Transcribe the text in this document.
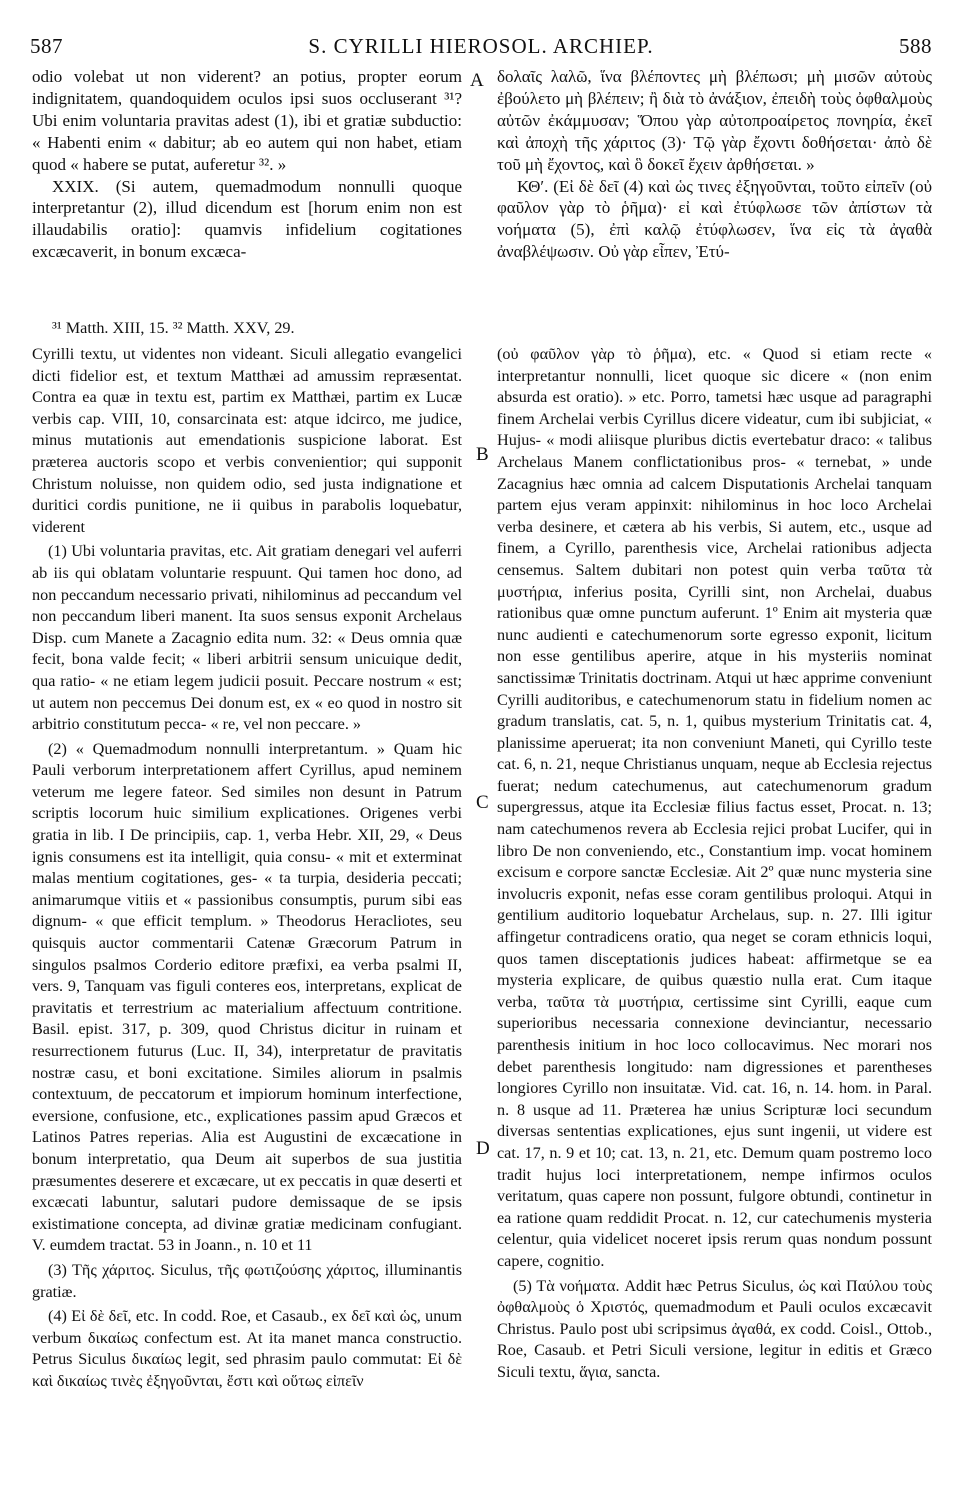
587	S. CYRILLI HIEROSOL. ARCHIEP.	588

odio volebat ut non viderent? an potius, propter eorum indignitatem, quandoquidem oculos ipsi suos occluserant ³¹? Ubi enim voluntaria pravitas adest (1), ibi et gratiæ subductio: « Habenti enim « dabitur; ab eo autem qui non habet, etiam quod « habere se putat, auferetur ³². »

XXIX. (Si autem, quemadmodum nonnulli quoque interpretantur (2), illud dicendum est [horum enim non est illaudabilis oratio]: quamvis infidelium cogitationes excæcaverit, in bonum excæca-

δολαῖς λαλῶ, ἵνα βλέποντες μὴ βλέπωσι; μὴ μισῶν αὐτοὺς ἐβούλετο μὴ βλέπειν; ἢ διὰ τὸ ἀνάξιον, ἐπειδὴ τοὺς ὀφθαλμοὺς αὐτῶν ἐκάμμυσαν; Ὅπου γὰρ αὐτοπροαίρετος πονηρία, ἐκεῖ καὶ ἀποχὴ τῆς χάριτος (3)· Τῷ γὰρ ἔχοντι δοθήσεται· ἀπὸ δὲ τοῦ μὴ ἔχοντος, καὶ ὃ δοκεῖ ἔχειν ἀρθήσεται. »

ΚΘʹ. (Εἰ δὲ δεῖ (4) καὶ ὡς τινες ἐξηγοῦνται, τοῦτο εἰπεῖν (οὐ φαῦλον γὰρ τὸ ῥῆμα)· εἰ καὶ ἐτύφλωσε τῶν ἀπίστων τὰ νοήματα (5), ἐπὶ καλῷ ἐτύφλωσεν, ἵνα εἰς τὰ ἀγαθὰ ἀναβλέψωσιν. Οὐ γὰρ εἶπεν, Ἐτύ-

³¹ Matth. XIII, 15. ³² Matth. XXV, 29.

Cyrilli textu, ut videntes non videant. Siculi allegatio evangelici dicti fidelior est, et textum Matthæi ad amussim repræsentat. Contra ea quæ in textu est, partim ex Matthæi, partim ex Lucæ verbis cap. VIII, 10, consarcinata est: atque idcirco, me judice, minus mutationis aut emendationis suspicione laborat. Est præterea auctoris scopo et verbis convenientior; qui supponit Christum noluisse, non quidem odio, sed justa indignatione et duritici cordis punitione, ne ii quibus in parabolis loquebatur, viderent

(1) Ubi voluntaria pravitas, etc. Ait gratiam denegari vel auferri ab iis qui oblatam voluntarie respuunt. Qui tamen hoc dono, ad non peccandum necessario privati, nihilominus ad peccandum vel non peccandum liberi manent. Ita suos sensus exponit Archelaus Disp. cum Manete a Zacagnio edita num. 32: « Deus omnia quæ fecit, bona valde fecit; « liberi arbitrii sensum unicuique dedit, qua ratio- « ne etiam legem judicii posuit. Peccare nostrum « est; ut autem non peccemus Dei donum est, ex « eo quod in nostro sit arbitrio constitutum pecca- « re, vel non peccare. »

(2) « Quemadmodum nonnulli interpretantum. » Quam hic Pauli verborum interpretationem affert Cyrillus, apud neminem veterum me legere fateor. Sed similes non desunt in Patrum scriptis locorum huic similium explicationes. Origenes verbi gratia in lib. I De principiis, cap. 1, verba Hebr. XII, 29, « Deus ignis consumens est ita intelligit, quia consu- « mit et exterminat malas mentium cogitationes, ges- « ta turpia, desideria peccati; animarumque vitiis et « passionibus consumptis, purum sibi eas dignum- « que efficit templum. » Theodorus Heracliotes, seu quisquis auctor commentarii Catenæ Græcorum Patrum in singulos psalmos Corderio editore præfixi, ea verba psalmi II, vers. 9, Tanquam vas figuli conteres eos, interpretans, explicat de pravitatis et terrestrium ac materialium affectuum contritione. Basil. epist. 317, p. 309, quod Christus dicitur in ruinam et resurrectionem futurus (Luc. II, 34), interpretatur de pravitatis nostræ casu, et boni excitatione. Similes aliorum in psalmis contextuum, de peccatorum et impiorum hominum interfectione, eversione, confusione, etc., explicationes passim apud Græcos et Latinos Patres reperias. Alia est Augustini de excæcatione in bonum interpretatio, qua Deum ait superbos de sua justitia præsumentes deserere et excæcare, ut ex peccatis in quæ deserti et excæcati labuntur, salutari pudore demissaque de se ipsis existimatione concepta, ad divinæ gratiæ medicinam confugiant. V. eumdem tractat. 53 in Joann., n. 10 et 11

(3) Τῆς χάριτος. Siculus, τῆς φωτιζούσης χάριτος, illuminantis gratiæ.

(4) Εἰ δὲ δεῖ, etc. In codd. Roe, et Casaub., ex δεῖ καὶ ὡς, unum verbum δικαίως confectum est. At ita manet manca constructio. Petrus Siculus δικαίως legit, sed phrasim paulo commutat: Εἰ δὲ καὶ δικαίως τινὲς ἐξηγοῦνται, ἔστι καὶ οὕτως εἰπεῖν

(οὐ φαῦλον γὰρ τὸ ῥῆμα), etc. « Quod si etiam recte « interpretantur nonnulli, licet quoque sic dicere « (non enim absurda est oratio). » etc. Porro, tametsi hæc usque ad paragraphi finem Archelai verbis Cyrillus dicere videatur, cum ibi subjiciat, « Hujus- « modi aliisque pluribus dictis evertebatur draco: « talibus Archelaus Manem conflictationibus pros- « ternebat, » unde Zacagnius hæc omnia ad calcem Disputationis Archelai tanquam partem ejus veram appinxit: nihilominus in hoc loco Archelai verba desinere, et cætera ab his verbis, Si autem, etc., usque ad finem, a Cyrillo, parenthesis vice, Archelai rationibus adjecta censemus. Saltem dubitari non potest quin verba ταῦτα τὰ μυστήρια, inferius posita, Cyrilli sint, non Archelai, duabus rationibus quæ omne punctum auferunt. 1º Enim ait mysteria quæ nunc audienti e catechumenorum sorte egresso exponit, licitum non esse gentilibus aperire, atque in his mysteriis nominat sanctissimæ Trinitatis doctrinam. Atqui ut hæc apprime conveniunt Cyrilli auditoribus, e catechumenorum statu in fidelium nomen ac gradum translatis, cat. 5, n. 1, quibus mysterium Trinitatis cat. 4, planissime aperuerat; ita non conveniunt Maneti, qui Cyrillo teste cat. 6, n. 21, neque Christianus unquam, neque ab Ecclesia rejectus fuerat; nedum catechumenus, aut catechumenorum gradum supergressus, atque ita Ecclesiæ filius factus esset, Procat. n. 13; nam catechumenos revera ab Ecclesia rejici probat Lucifer, qui in libro De non conveniendo, etc., Constantium imp. vocat hominem excisum e corpore sanctæ Ecclesiæ. Ait 2º quæ nunc mysteria sine involucris exponit, nefas esse coram gentilibus proloqui. Atqui in gentilium auditorio loquebatur Archelaus, sup. n. 27. Illi igitur affingetur contradicens oratio, qua neget se coram ethnicis loqui, quos tamen disceptationis judices habeat: affirmetque se ea mysteria explicare, de quibus quæstio nulla erat. Cum itaque verba, ταῦτα τὰ μυστήρια, certissime sint Cyrilli, eaque cum superioribus necessaria connexione devinciantur, necessario parenthesis initium in hoc loco collocavimus. Nec morari nos debet parenthesis longitudo: nam digressiones et parentheses longiores Cyrillo non insuitatæ. Vid. cat. 16, n. 14. hom. in Paral. n. 8 usque ad 11. Præterea hæ unius Scripturæ loci secundum diversas sententias explicationes, ejus sunt ingenii, ut videre est cat. 17, n. 9 et 10; cat. 13, n. 21, etc. Demum quam postremo loco tradit hujus loci interpretationem, nempe infirmos oculos veritatum, quas capere non possunt, fulgore obtundi, continetur in ea ratione quam reddidit Procat. n. 12, cur catechumenis mysteria celentur, quia videlicet noceret ipsis rerum quas nondum possunt capere, cognitio.

(5) Τὰ νοήματα. Addit hæc Petrus Siculus, ὡς καὶ Παύλου τοὺς ὀφθαλμοὺς ὁ Χριστός, quemadmodum et Pauli oculos excæcavit Christus. Paulo post ubi scripsimus ἀγαθά, ex codd. Coisl., Ottob., Roe, Casaub. et Petri Siculi versione, legitur in editis et Græco Siculi textu, ἅγια, sancta.

A
B
C
D
